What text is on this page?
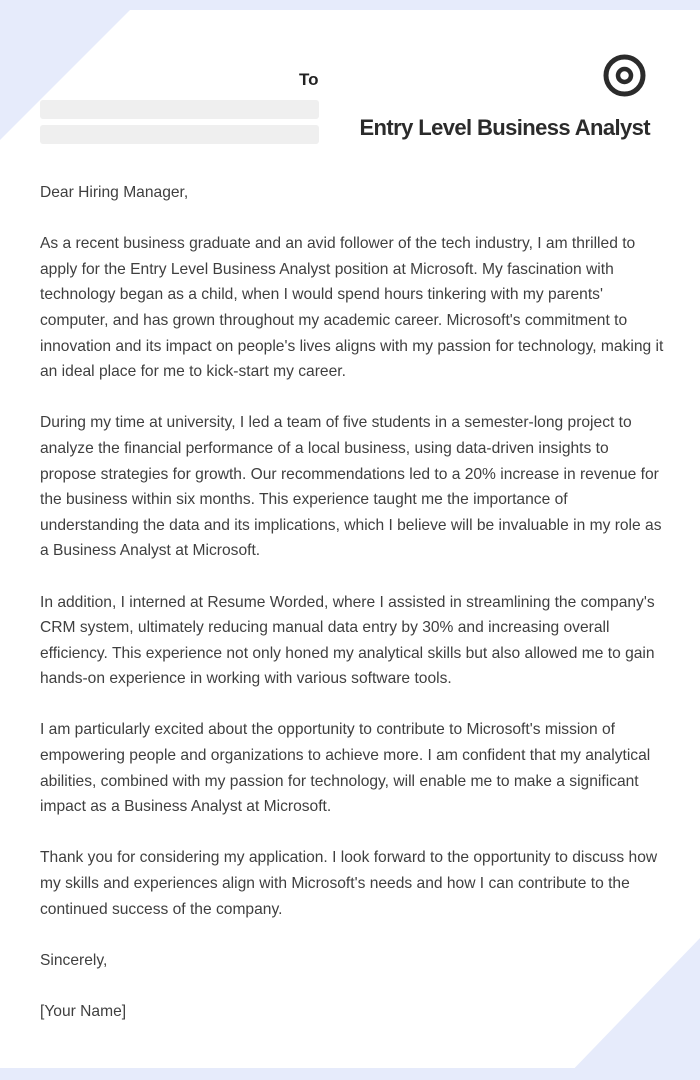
To
Entry Level Business Analyst

Dear Hiring Manager,

As a recent business graduate and an avid follower of the tech industry, I am thrilled to apply for the Entry Level Business Analyst position at Microsoft. My fascination with technology began as a child, when I would spend hours tinkering with my parents' computer, and has grown throughout my academic career. Microsoft's commitment to innovation and its impact on people's lives aligns with my passion for technology, making it an ideal place for me to kick-start my career.

During my time at university, I led a team of five students in a semester-long project to analyze the financial performance of a local business, using data-driven insights to propose strategies for growth. Our recommendations led to a 20% increase in revenue for the business within six months. This experience taught me the importance of understanding the data and its implications, which I believe will be invaluable in my role as a Business Analyst at Microsoft.

In addition, I interned at Resume Worded, where I assisted in streamlining the company's CRM system, ultimately reducing manual data entry by 30% and increasing overall efficiency. This experience not only honed my analytical skills but also allowed me to gain hands-on experience in working with various software tools.

I am particularly excited about the opportunity to contribute to Microsoft's mission of empowering people and organizations to achieve more. I am confident that my analytical abilities, combined with my passion for technology, will enable me to make a significant impact as a Business Analyst at Microsoft.

Thank you for considering my application. I look forward to the opportunity to discuss how my skills and experiences align with Microsoft's needs and how I can contribute to the continued success of the company.

Sincerely,

[Your Name]
